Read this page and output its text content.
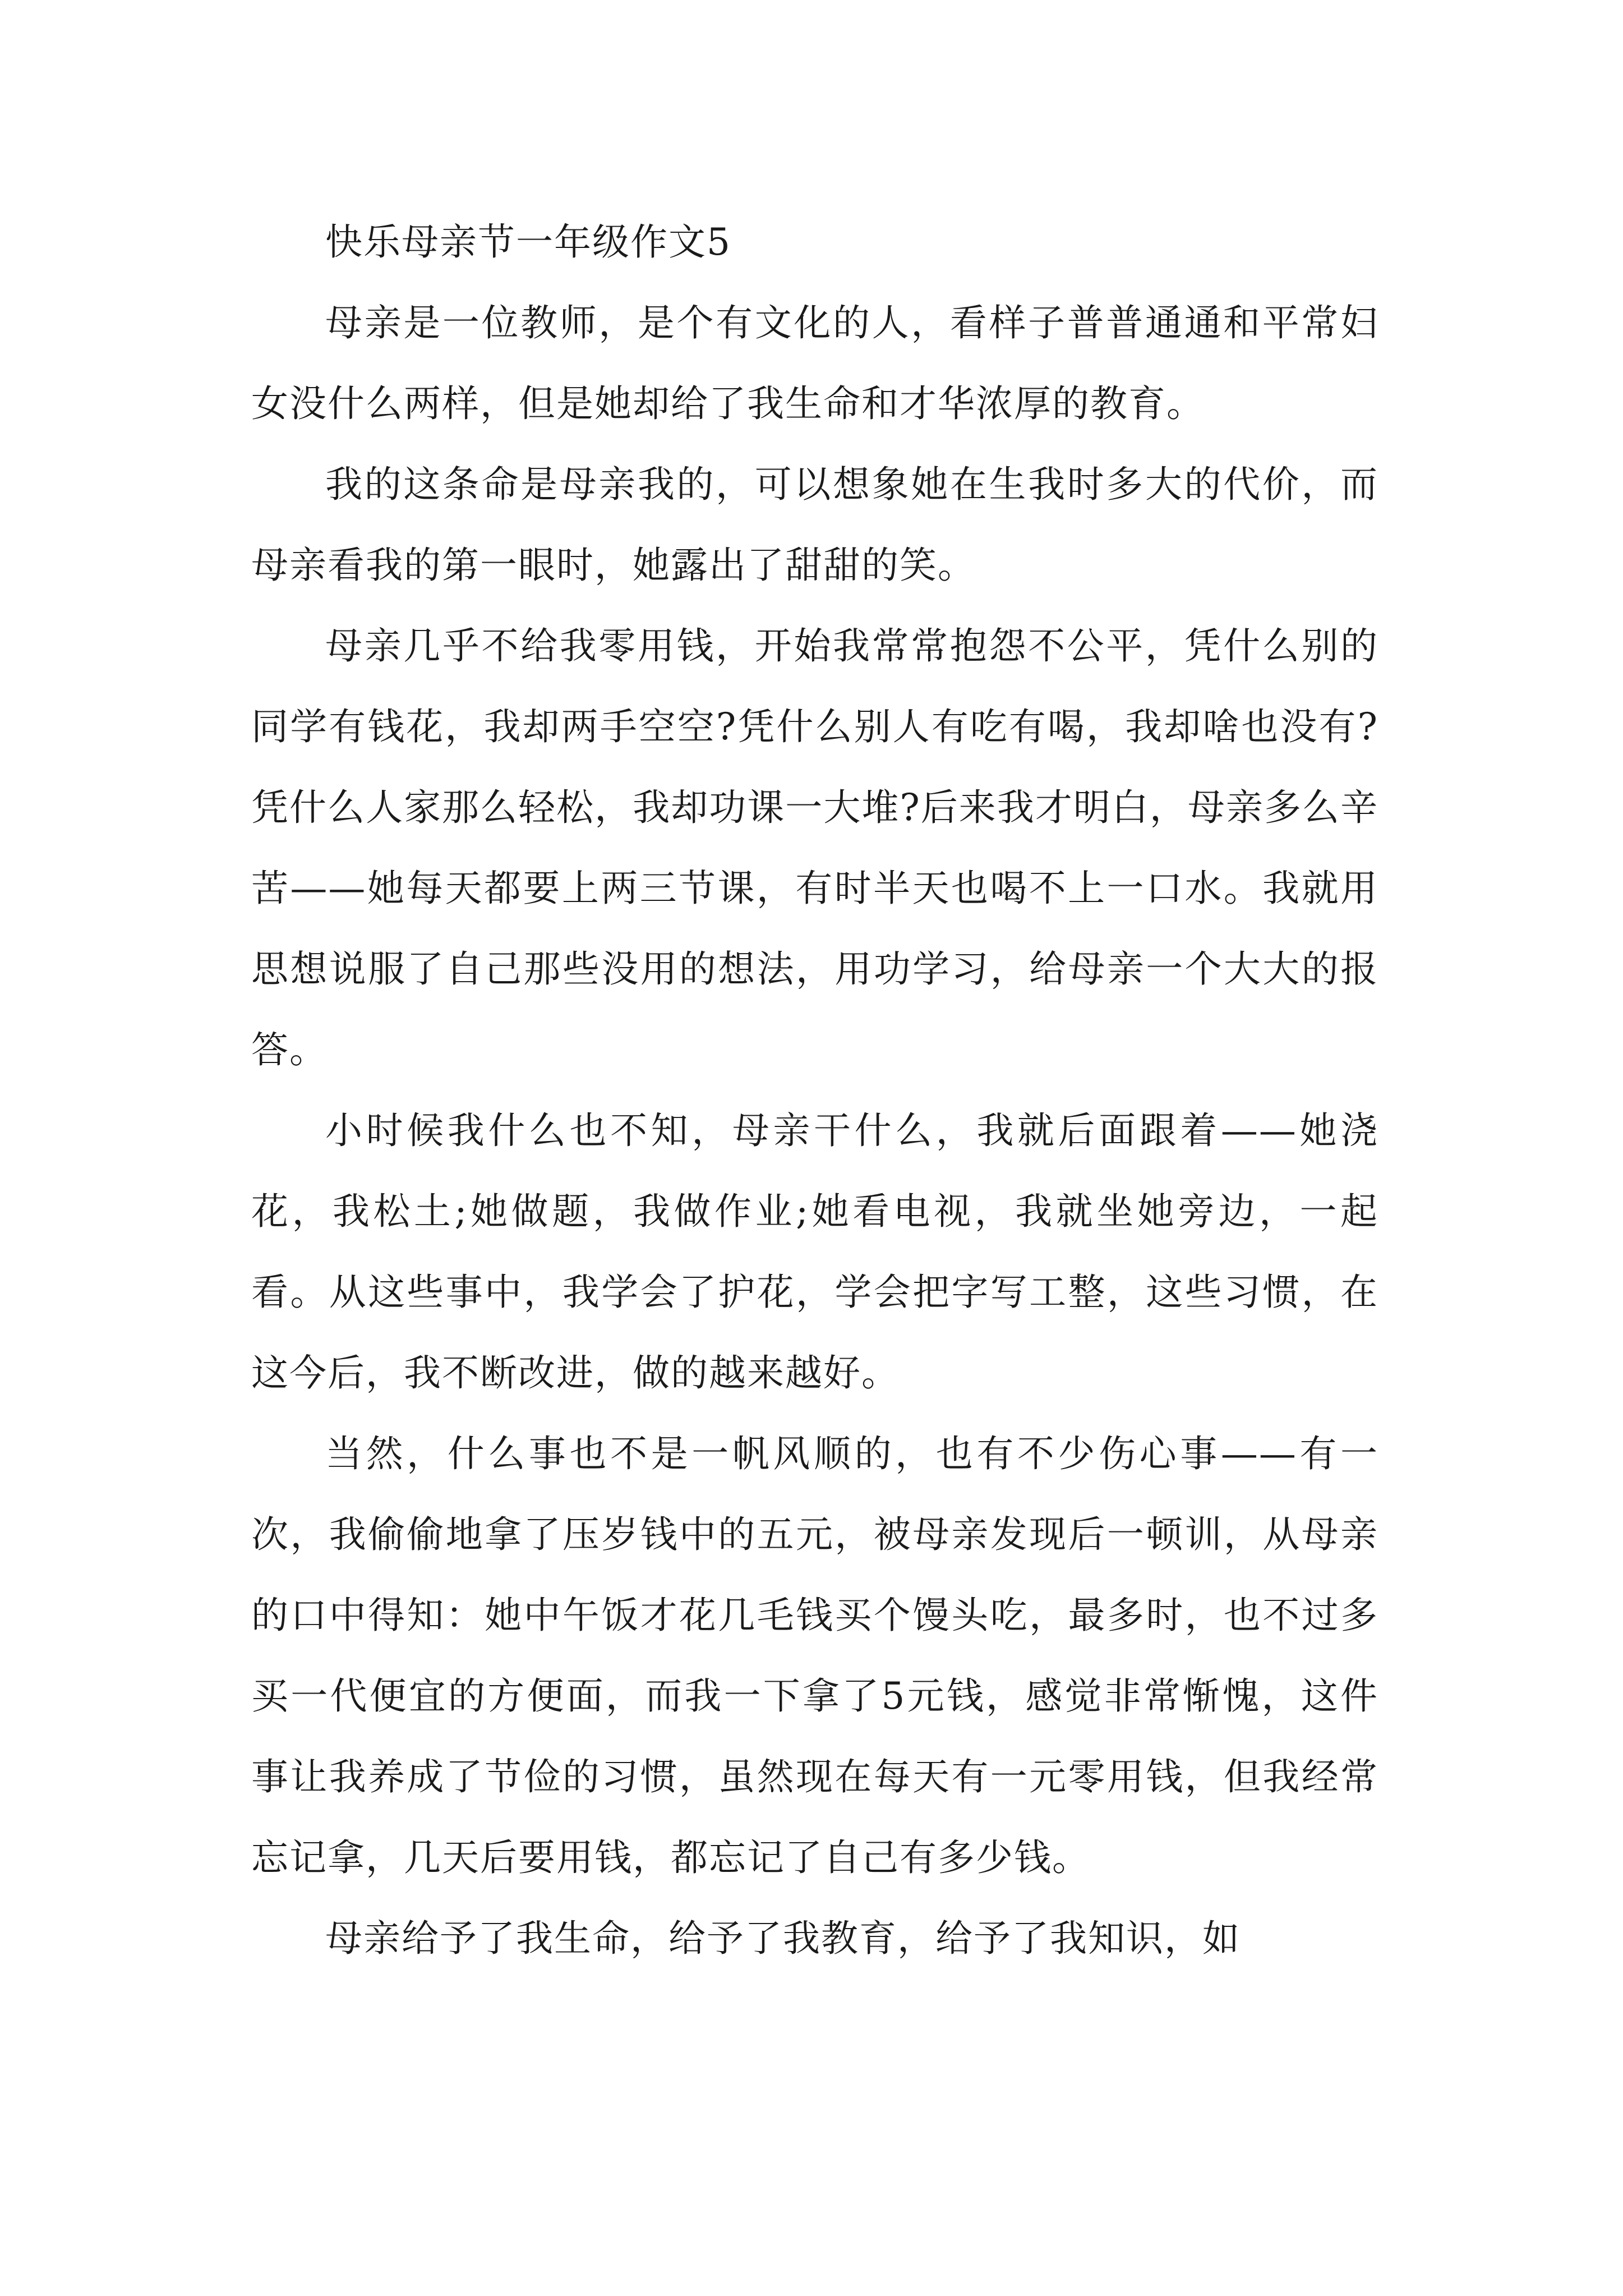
快乐母亲节一年级作文5

母亲是一位教师，是个有文化的人，看样子普普通通和平常妇女没什么两样，但是她却给了我生命和才华浓厚的教育。

我的这条命是母亲我的，可以想象她在生我时多大的代价，而母亲看我的第一眼时，她露出了甜甜的笑。

母亲几乎不给我零用钱，开始我常常抱怨不公平，凭什么别的同学有钱花，我却两手空空?凭什么别人有吃有喝，我却啥也没有?凭什么人家那么轻松，我却功课一大堆?后来我才明白，母亲多么辛苦——她每天都要上两三节课，有时半天也喝不上一口水。我就用思想说服了自己那些没用的想法，用功学习，给母亲一个大大的报答。

小时候我什么也不知，母亲干什么，我就后面跟着——她浇花，我松土;她做题，我做作业;她看电视，我就坐她旁边，一起看。从这些事中，我学会了护花，学会把字写工整，这些习惯，在这今后，我不断改进，做的越来越好。

当然，什么事也不是一帆风顺的，也有不少伤心事——有一次，我偷偷地拿了压岁钱中的五元，被母亲发现后一顿训，从母亲的口中得知：她中午饭才花几毛钱买个馒头吃，最多时，也不过多买一代便宜的方便面，而我一下拿了5元钱，感觉非常惭愧，这件事让我养成了节俭的习惯，虽然现在每天有一元零用钱，但我经常忘记拿，几天后要用钱，都忘记了自己有多少钱。

母亲给予了我生命，给予了我教育，给予了我知识，如
